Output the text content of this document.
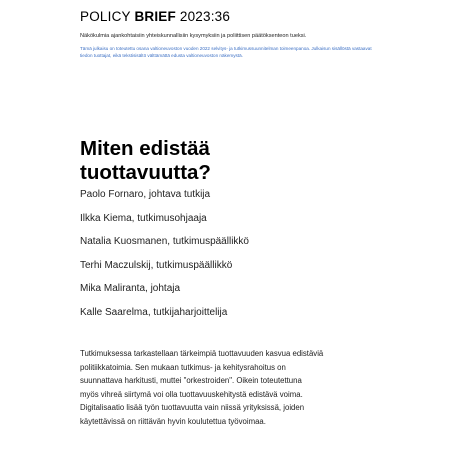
POLICY BRIEF 2023:36
Näkökulmia ajankohtaisiin yhteiskunnallisiin kysymyksiin ja poliittisen päätöksenteon tueksi.
Tämä julkaisu on toteutettu osana valtioneuvoston vuoden 2022 selvitys- ja tutkimussuunnitelman toimeenpanoa. Julkaisun sisällöstä vastaavat tiedon tuottajat, eikä tekstisisältö välttämättä edusta valtioneuvoston näkemystä.
Miten edistää tuottavuutta?
Paolo Fornaro, johtava tutkija
Ilkka Kiema, tutkimusohjaaja
Natalia Kuosmanen, tutkimuspäällikkö
Terhi Maczulskij, tutkimuspäällikkö
Mika Maliranta, johtaja
Kalle Saarelma, tutkijaharjoittelija
Tutkimuksessa tarkastellaan tärkeimpiä tuottavuuden kasvua edistäviä
politiikkatoimia. Sen mukaan tutkimus- ja kehitysrahoitus on
suunnattava harkitusti, muttei "orkestroiden". Oikein toteutettuna
myös vihreä siirtymä voi olla tuottavuuskehitystä edistävä voima.
Digitalisaatio lisää työn tuottavuutta vain niissä yrityksissä, joiden
käytettävissä on riittävän hyvin koulutettua työvoimaa.
